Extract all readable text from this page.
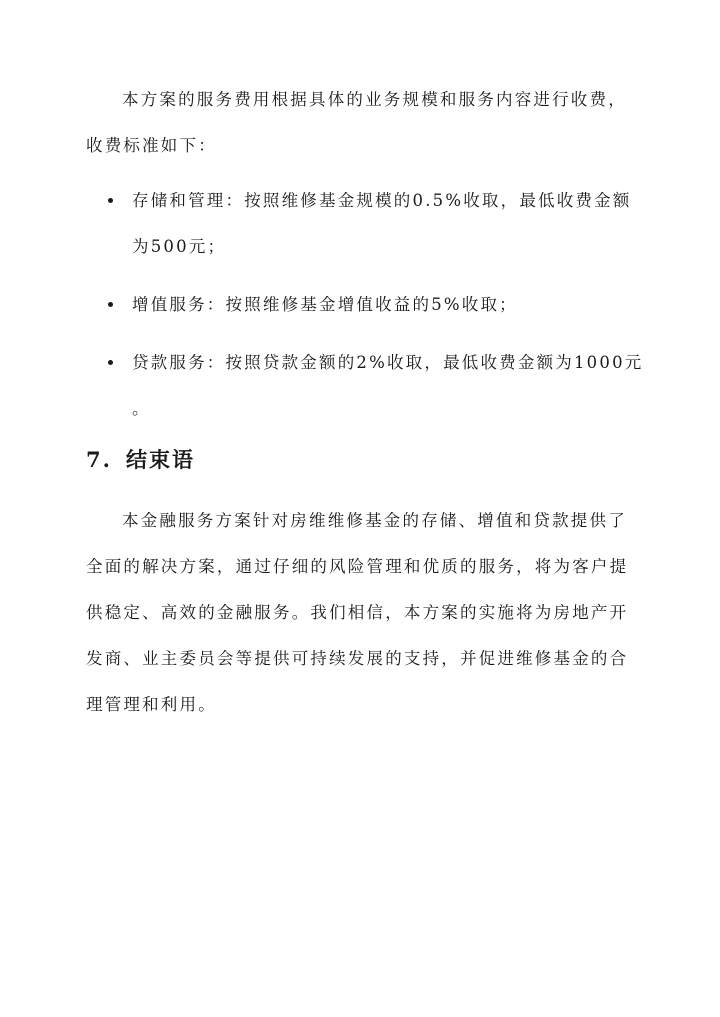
本方案的服务费用根据具体的业务规模和服务内容进行收费，
收费标准如下：

存储和管理：按照维修基金规模的0.5%收取，最低收费金额
为500元；
增值服务：按照维修基金增值收益的5%收取；
贷款服务：按照贷款金额的2%收取，最低收费金额为1000元
。
7. 结束语

本金融服务方案针对房维维修基金的存储、增值和贷款提供了
全面的解决方案，通过仔细的风险管理和优质的服务，将为客户提
供稳定、高效的金融服务。我们相信，本方案的实施将为房地产开
发商、业主委员会等提供可持续发展的支持，并促进维修基金的合
理管理和利用。
